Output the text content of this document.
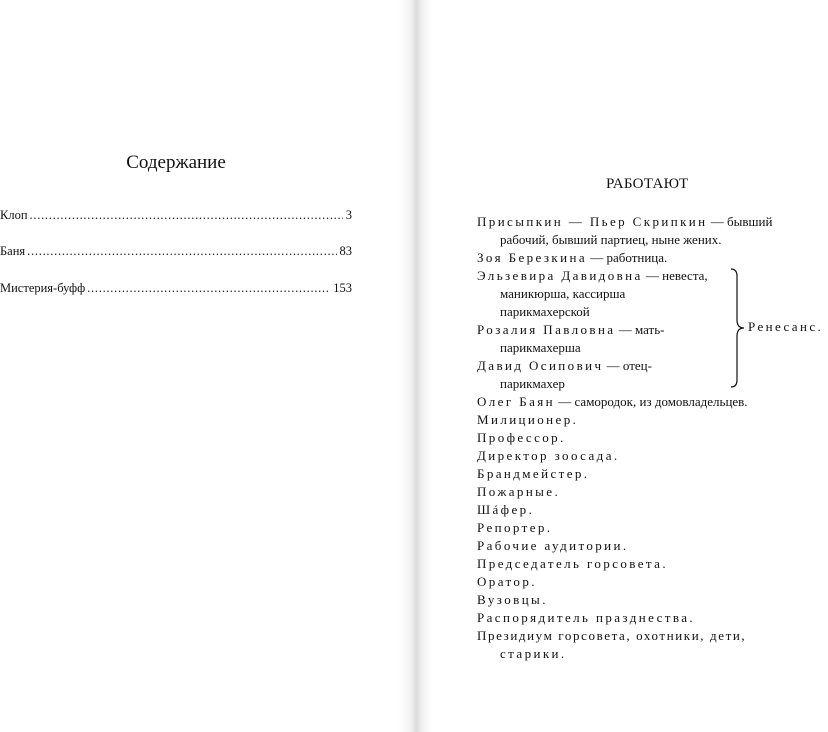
Содержание
Клоп . . .	3
Баня . . .	83
Мистерия-буфф . . .	153
РАБОТАЮТ
Присыпкин — Пьер Скрипкин — бывший
рабочий, бывший партиец, ныне жених.
Зоя Березкина — работница.
Эльзевира Давидовна — невеста,
маникюрша, кассирша
парикмахерской
Розалия Павловна — мать-
парикмахерша
Давид Осипович — отец-
парикмахер
Ренесанс.
Олег Баян — самородок, из домовладельцев.
Милиционер.
Профессор.
Директор зоосада.
Брандмейстер.
Пожарные.
Шáфер.
Репортер.
Рабочие аудитории.
Председатель горсовета.
Оратор.
Вузовцы.
Распорядитель празднества.
Президиум горсовета, охотники, дети,
старики.
